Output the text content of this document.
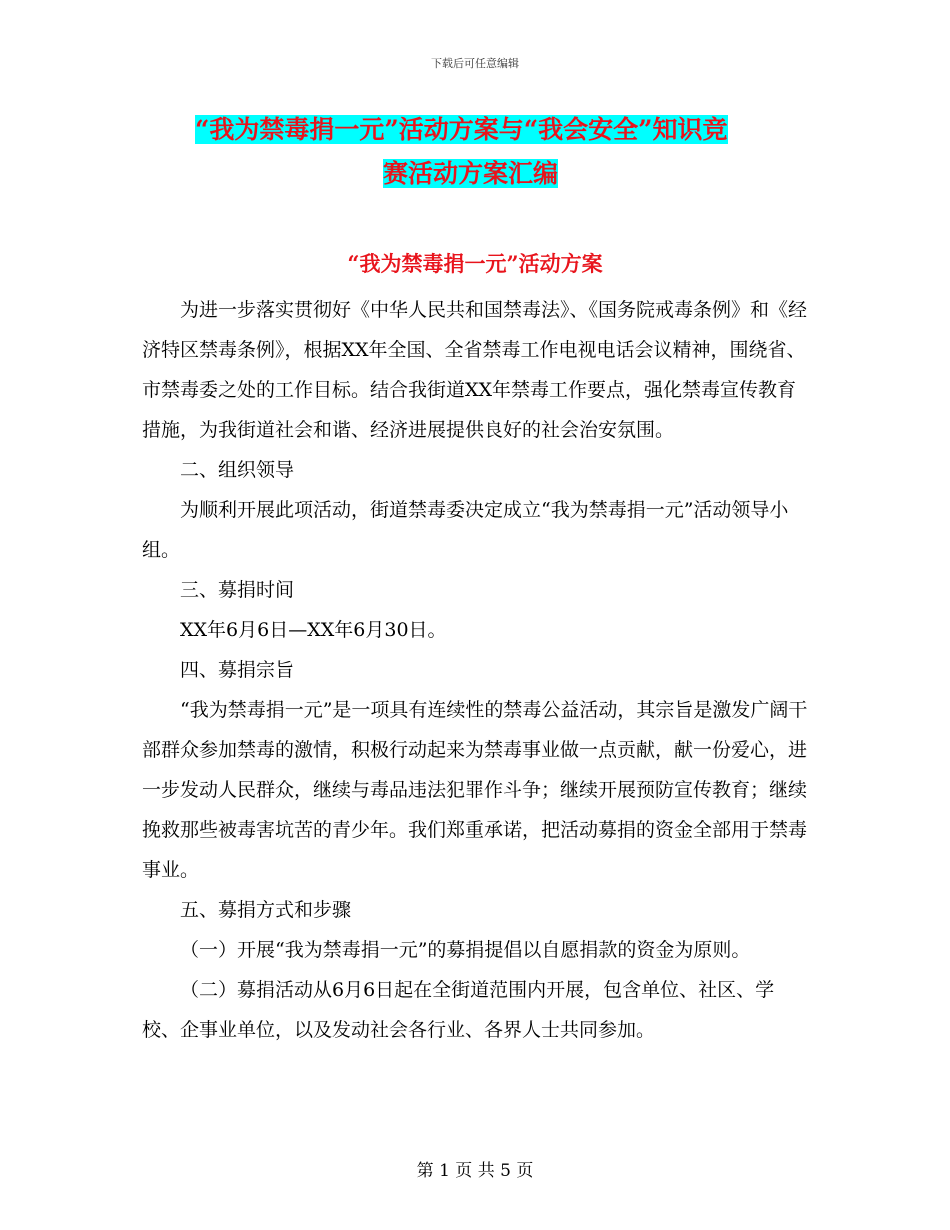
下载后可任意编辑
“我为禁毒捐一元”活动方案与“我会安全”知识竞
赛活动方案汇编
“我为禁毒捐一元”活动方案

为进一步落实贯彻好《中华人民共和国禁毒法》、《国务院戒毒条例》和《经济特区禁毒条例》，根据XX年全国、全省禁毒工作电视电话会议精神，围绕省、市禁毒委之处的工作目标。结合我街道XX年禁毒工作要点，强化禁毒宣传教育措施，为我街道社会和谐、经济进展提供良好的社会治安氛围。

二、组织领导

为顺利开展此项活动，街道禁毒委决定成立“我为禁毒捐一元”活动领导小组。

三、募捐时间

XX年6月6日—XX年6月30日。

四、募捐宗旨

“我为禁毒捐一元”是一项具有连续性的禁毒公益活动，其宗旨是激发广阔干部群众参加禁毒的激情，积极行动起来为禁毒事业做一点贡献，献一份爱心，进一步发动人民群众，继续与毒品违法犯罪作斗争；继续开展预防宣传教育；继续挽救那些被毒害坑苦的青少年。我们郑重承诺，把活动募捐的资金全部用于禁毒事业。

五、募捐方式和步骤

（一）开展“我为禁毒捐一元”的募捐提倡以自愿捐款的资金为原则。

（二）募捐活动从6月6日起在全街道范围内开展，包含单位、社区、学校、企事业单位，以及发动社会各行业、各界人士共同参加。

第 1 页 共 5 页
